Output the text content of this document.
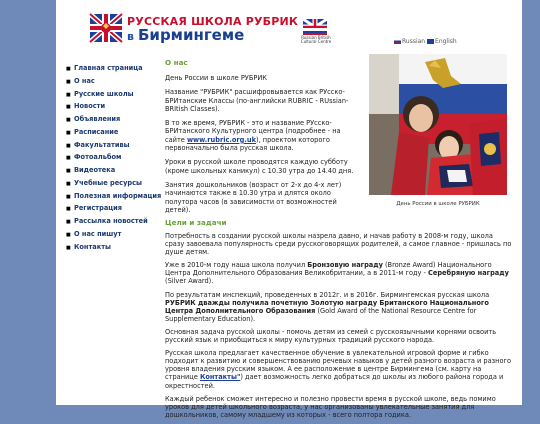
РУССКАЯ ШКОЛА РУБРИК
в Бирмингеме	Russian British Cultural Centre	Russian English
■ Главная страница
■ О нас
■ Русские школы
■ Новости
■ Объявления
■ Расписание
■ Факультативы
■ Фотоальбом
■ Видеотека
■ Учебные ресурсы
■ Полезная информация
■ Регистрация
■ Рассылка новостей
■ О нас пишут
■ Контакты
О нас
День России в школе РУБРИК
Название "РУБРИК" расшифровывается как РУсско-БРИтанские Классы (по-английски RUBRIC - RUssian-BRItish Classes).
В то же время, РУБРИК - это и название РУсско-БРИтанского Культурного центра (подробнее - на сайте www.rubric.org.uk), проектом которого первоначально была русская школа.
Уроки в русской школе проводятся каждую субботу (кроме школьных каникул) с 10.30 утра до 14.40 дня.
Занятия дошкольников (возраст от 2-х до 4-х лет) начинаются также в 10.30 утра и длятся около полутора часов (в зависимости от возможностей детей).
День России в школе РУБРИК
Цели и задачи
Потребность в создании русской школы назрела давно, и начав работу в 2008-м году, школа сразу завоевала популярность среди русскоговорящих родителей, а самое главное - пришлась по душе детям.
Уже в 2010-м году наша школа получил Бронзовую награду (Bronze Award) Национального Центра Дополнительного Образования Великобритании, а в 2011-м году - Серебряную награду (Silver Award).
По результатам инспекций, проведенных в 2012г. и в 2016г. Бирмингемская русская школа РУБРИК дважды получила почетную Золотую награду Британского Национального Центра Дополнительного Образования (Gold Award of the National Resource Centre for Supplementary Education).
Основная задача русской школы - помочь детям из семей с русскоязычными корнями освоить русский язык и приобщиться к миру культурных традиций русского народа.
Русская школа предлагает качественное обучение в увлекательной игровой форме и гибко подходит к развитию и совершенствованию речевых навыков у детей разного возраста и разного уровня владения русским языком. А ее расположение в центре Бирмингема (см. карту на странице Контакты") дает возможность легко добраться до школы из любого района города и окрестностей.
Каждый ребенок сможет интересно и полезно провести время в русской школе, ведь помимо уроков для детей школьного возраста, у нас организованы увлекательные занятия для дошкольников, самому младшему из которых - всего полтора годика.
